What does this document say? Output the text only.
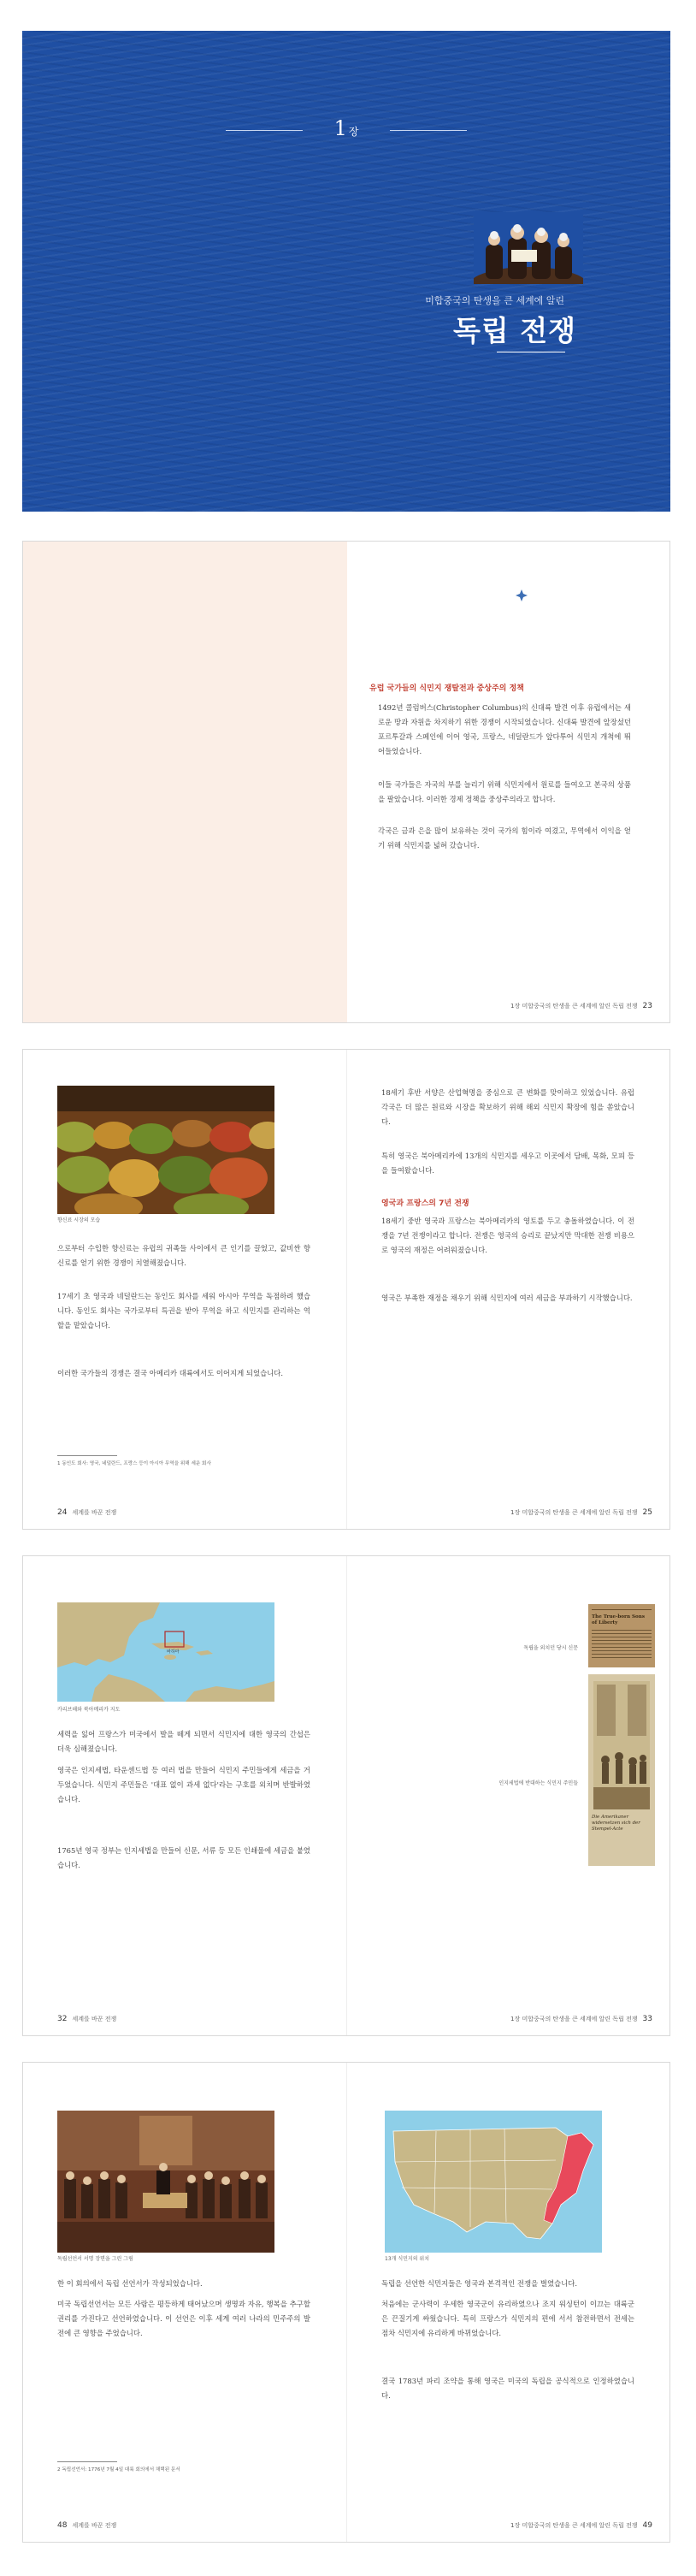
1 장
미합중국의 탄생을 큰 세계에 알린
독립 전쟁
유럽 국가들의 식민지 쟁탈전과 중상주의 정책
1492년 콜럼버스(Christopher Columbus)의 신대륙 발견 이후 유럽에서는 새로운 땅과 자원을 차지하기 위한 경쟁이 시작되었습니다. 신대륙 발견에 앞장섰던 포르투갈과 스페인에 이어 영국, 프랑스, 네덜란드가 앞다투어 식민지 개척에 뛰어들었습니다.
이들 국가들은 자국의 부를 늘리기 위해 식민지에서 원료를 들여오고 본국의 상품을 팔았습니다. 이러한 경제 정책을 중상주의라고 합니다.
각국은 금과 은을 많이 보유하는 것이 국가의 힘이라 여겼고, 무역에서 이익을 얻기 위해 식민지를 넓혀 갔습니다.
1장 미합중국의 탄생을 큰 세계에 알린 독립 전쟁 23
향신료 시장의 모습
으로부터 수입한 향신료는 유럽의 귀족들 사이에서 큰 인기를 끌었고, 값비싼 향신료를 얻기 위한 경쟁이 치열해졌습니다.
17세기 초 영국과 네덜란드는 동인도 회사를 세워 아시아 무역을 독점하려 했습니다. 동인도 회사는 국가로부터 특권을 받아 무역을 하고 식민지를 관리하는 역할을 맡았습니다.
이러한 국가들의 경쟁은 결국 아메리카 대륙에서도 이어지게 되었습니다.
1 동인도 회사: 영국, 네덜란드, 프랑스 등이 아시아 무역을 위해 세운 회사
24 세계를 바꾼 전쟁
18세기 후반 서양은 산업혁명을 중심으로 큰 변화를 맞이하고 있었습니다. 유럽 각국은 더 많은 원료와 시장을 확보하기 위해 해외 식민지 확장에 힘을 쏟았습니다.
특히 영국은 북아메리카에 13개의 식민지를 세우고 이곳에서 담배, 목화, 모피 등을 들여왔습니다.
영국과 프랑스의 7년 전쟁
18세기 중반 영국과 프랑스는 북아메리카의 영토를 두고 충돌하였습니다. 이 전쟁을 7년 전쟁이라고 합니다. 전쟁은 영국의 승리로 끝났지만 막대한 전쟁 비용으로 영국의 재정은 어려워졌습니다.
영국은 부족한 재정을 채우기 위해 식민지에 여러 세금을 부과하기 시작했습니다.
1장 미합중국의 탄생을 큰 세계에 알린 독립 전쟁 25
바하마
카리브해와 북아메리카 지도
세력을 잃어 프랑스가 미국에서 발을 떼게 되면서 식민지에 대한 영국의 간섭은 더욱 심해졌습니다.
영국은 인지세법, 타운센드법 등 여러 법을 만들어 식민지 주민들에게 세금을 거두었습니다. 식민지 주민들은 '대표 없이 과세 없다'라는 구호를 외치며 반발하였습니다.
1765년 영국 정부는 인지세법을 만들어 신문, 서류 등 모든 인쇄물에 세금을 붙였습니다.
32 세계를 바꾼 전쟁
독립을 외치던 당시 신문
The True-born Sons of Liberty
인지세법에 반대하는 식민지 주민들
Die Amerikaner widersetzen sich der Stempel-Acte
1장 미합중국의 탄생을 큰 세계에 알린 독립 전쟁 33
독립선언서 서명 장면을 그린 그림
한 이 회의에서 독립 선언서가 작성되었습니다.
미국 독립선언서는 모든 사람은 평등하게 태어났으며 생명과 자유, 행복을 추구할 권리를 가진다고 선언하였습니다. 이 선언은 이후 세계 여러 나라의 민주주의 발전에 큰 영향을 주었습니다.
2 독립선언서: 1776년 7월 4일 대륙 회의에서 채택된 문서
48 세계를 바꾼 전쟁
13개 식민지의 위치
독립을 선언한 식민지들은 영국과 본격적인 전쟁을 벌였습니다.
처음에는 군사력이 우세한 영국군이 유리하였으나 조지 워싱턴이 이끄는 대륙군은 끈질기게 싸웠습니다. 특히 프랑스가 식민지의 편에 서서 참전하면서 전세는 점차 식민지에 유리하게 바뀌었습니다.
결국 1783년 파리 조약을 통해 영국은 미국의 독립을 공식적으로 인정하였습니다.
1장 미합중국의 탄생을 큰 세계에 알린 독립 전쟁 49
